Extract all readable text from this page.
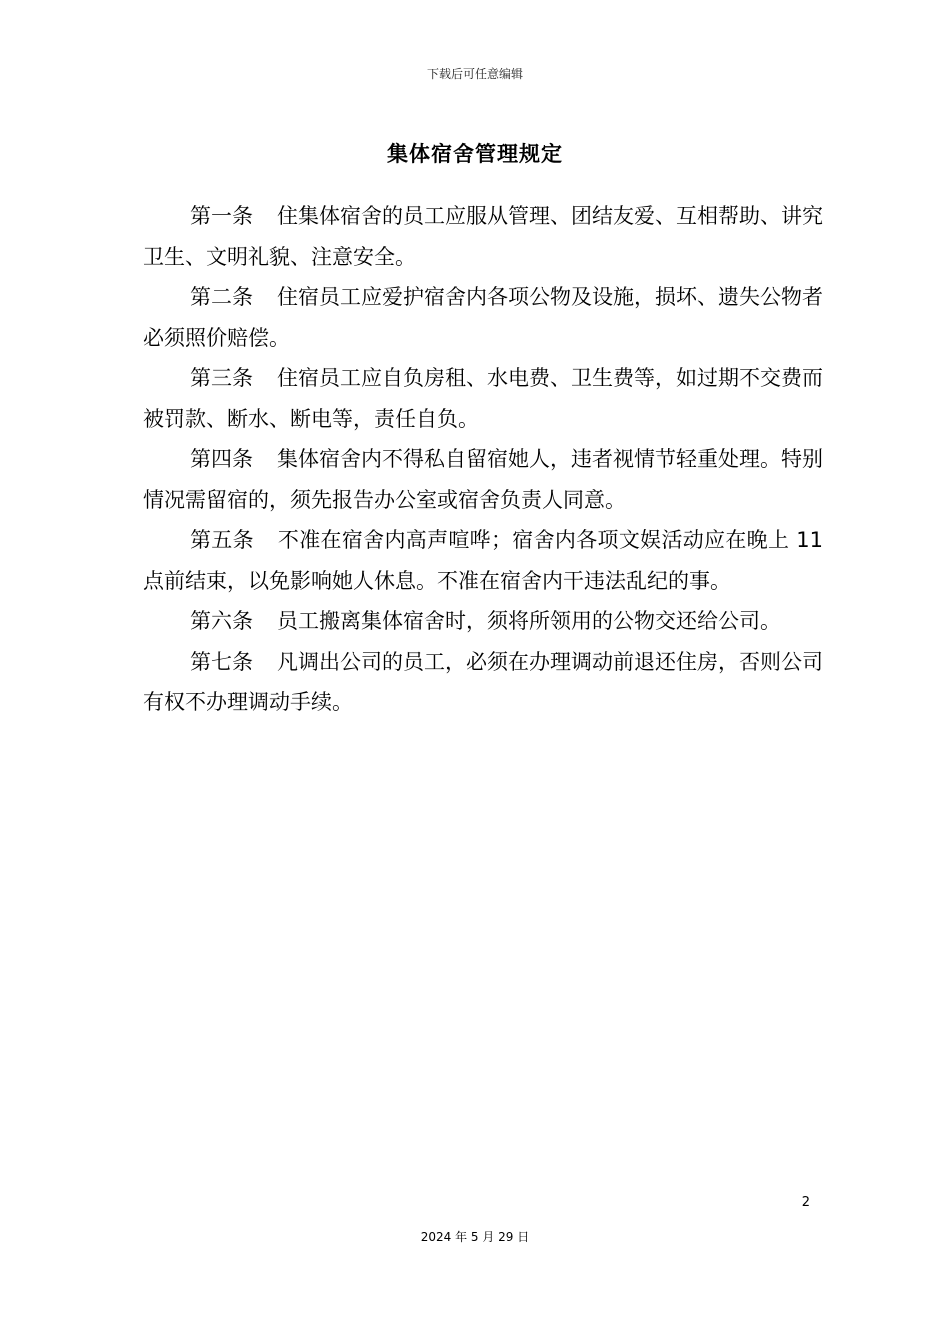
下载后可任意编辑
集体宿舍管理规定

第一条 住集体宿舍的员工应服从管理、团结友爱、互相帮助、讲究卫生、文明礼貌、注意安全。

第二条 住宿员工应爱护宿舍内各项公物及设施，损坏、遗失公物者必须照价赔偿。

第三条 住宿员工应自负房租、水电费、卫生费等，如过期不交费而被罚款、断水、断电等，责任自负。

第四条 集体宿舍内不得私自留宿她人，违者视情节轻重处理。特别情况需留宿的，须先报告办公室或宿舍负责人同意。

第五条 不准在宿舍内高声喧哗；宿舍内各项文娱活动应在晚上 11 点前结束，以免影响她人休息。不准在宿舍内干违法乱纪的事。

第六条 员工搬离集体宿舍时，须将所领用的公物交还给公司。

第七条 凡调出公司的员工，必须在办理调动前退还住房，否则公司有权不办理调动手续。

2
2024 年 5 月 29 日
